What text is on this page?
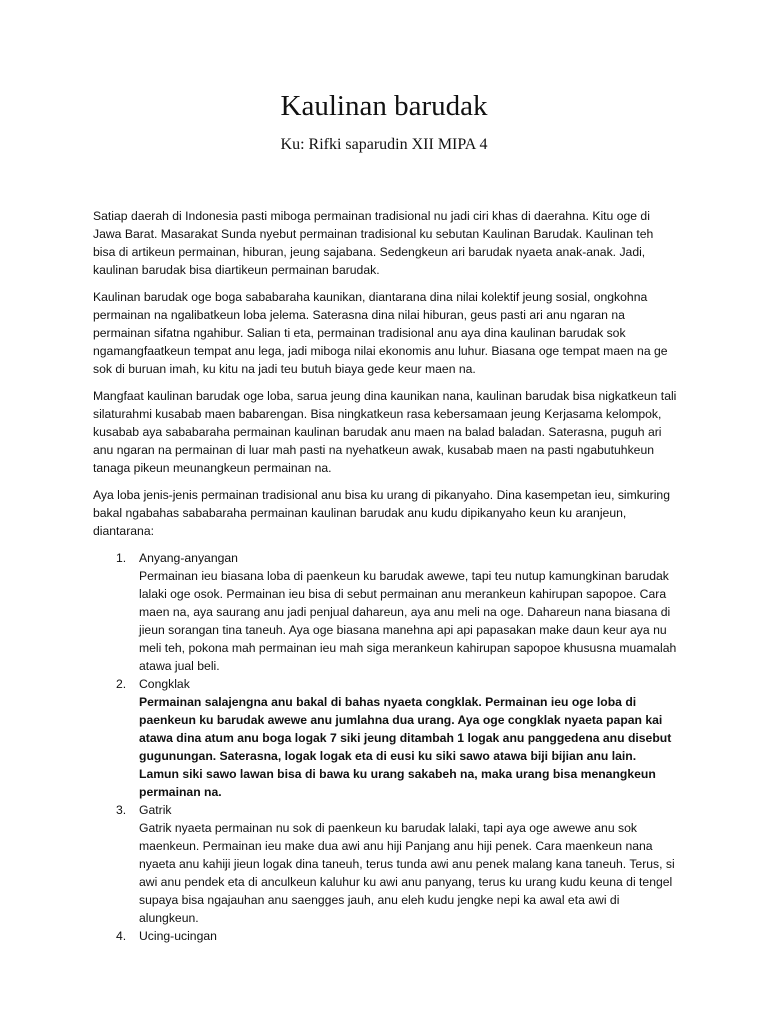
Kaulinan barudak
Ku: Rifki saparudin XII MIPA 4

Satiap daerah di Indonesia pasti miboga permainan tradisional nu jadi ciri khas di daerahna. Kitu oge di Jawa Barat. Masarakat Sunda nyebut permainan tradisional ku sebutan Kaulinan Barudak. Kaulinan teh bisa di artikeun permainan, hiburan, jeung sajabana. Sedengkeun ari barudak nyaeta anak-anak. Jadi, kaulinan barudak bisa diartikeun permainan barudak.

Kaulinan barudak oge boga sababaraha kaunikan, diantarana dina nilai kolektif jeung sosial, ongkohna permainan na ngalibatkeun loba jelema. Saterasna dina nilai hiburan, geus pasti ari anu ngaran na permainan sifatna ngahibur. Salian ti eta, permainan tradisional anu aya dina kaulinan barudak sok ngamangfaatkeun tempat anu lega, jadi miboga nilai ekonomis anu luhur. Biasana oge tempat maen na ge sok di buruan imah, ku kitu na jadi teu butuh biaya gede keur maen na.

Mangfaat kaulinan barudak oge loba, sarua jeung dina kaunikan nana, kaulinan barudak bisa nigkatkeun tali silaturahmi kusabab maen babarengan. Bisa ningkatkeun rasa kebersamaan jeung Kerjasama kelompok, kusabab aya sababaraha permainan kaulinan barudak anu maen na balad baladan. Saterasna, puguh ari anu ngaran na permainan di luar mah pasti na nyehatkeun awak, kusabab maen na pasti ngabutuhkeun tanaga pikeun meunangkeun permainan na.

Aya loba jenis-jenis permainan tradisional anu bisa ku urang di pikanyaho. Dina kasempetan ieu, simkuring bakal ngabahas sababaraha permainan kaulinan barudak anu kudu dipikanyaho keun ku aranjeun, diantarana:

1. Anyang-anyangan
Permainan ieu biasana loba di paenkeun ku barudak awewe, tapi teu nutup kamungkinan barudak lalaki oge osok. Permainan ieu bisa di sebut permainan anu merankeun kahirupan sapopoe. Cara maen na, aya saurang anu jadi penjual dahareun, aya anu meli na oge. Dahareun nana biasana di jieun sorangan tina taneuh. Aya oge biasana manehna api api papasakan make daun keur aya nu meli teh, pokona mah permainan ieu mah siga merankeun kahirupan sapopoe khususna muamalah atawa jual beli.
2. Congklak
Permainan salajengna anu bakal di bahas nyaeta congklak. Permainan ieu oge loba di paenkeun ku barudak awewe anu jumlahna dua urang. Aya oge congklak nyaeta papan kai atawa dina atum anu boga logak 7 siki jeung ditambah 1 logak anu panggedena anu disebut gugunungan. Saterasna, logak logak eta di eusi ku siki sawo atawa biji bijian anu lain. Lamun siki sawo lawan bisa di bawa ku urang sakabeh na, maka urang bisa menangkeun permainan na.
3. Gatrik
Gatrik nyaeta permainan nu sok di paenkeun ku barudak lalaki, tapi aya oge awewe anu sok maenkeun. Permainan ieu make dua awi anu hiji Panjang anu hiji penek. Cara maenkeun nana nyaeta anu kahiji jieun logak dina taneuh, terus tunda awi anu penek malang kana taneuh. Terus, si awi anu pendek eta di anculkeun kaluhur ku awi anu panyang, terus ku urang kudu keuna di tengel supaya bisa ngajauhan anu saengges jauh, anu eleh kudu jengke nepi ka awal eta awi di alungkeun.
4. Ucing-ucingan
